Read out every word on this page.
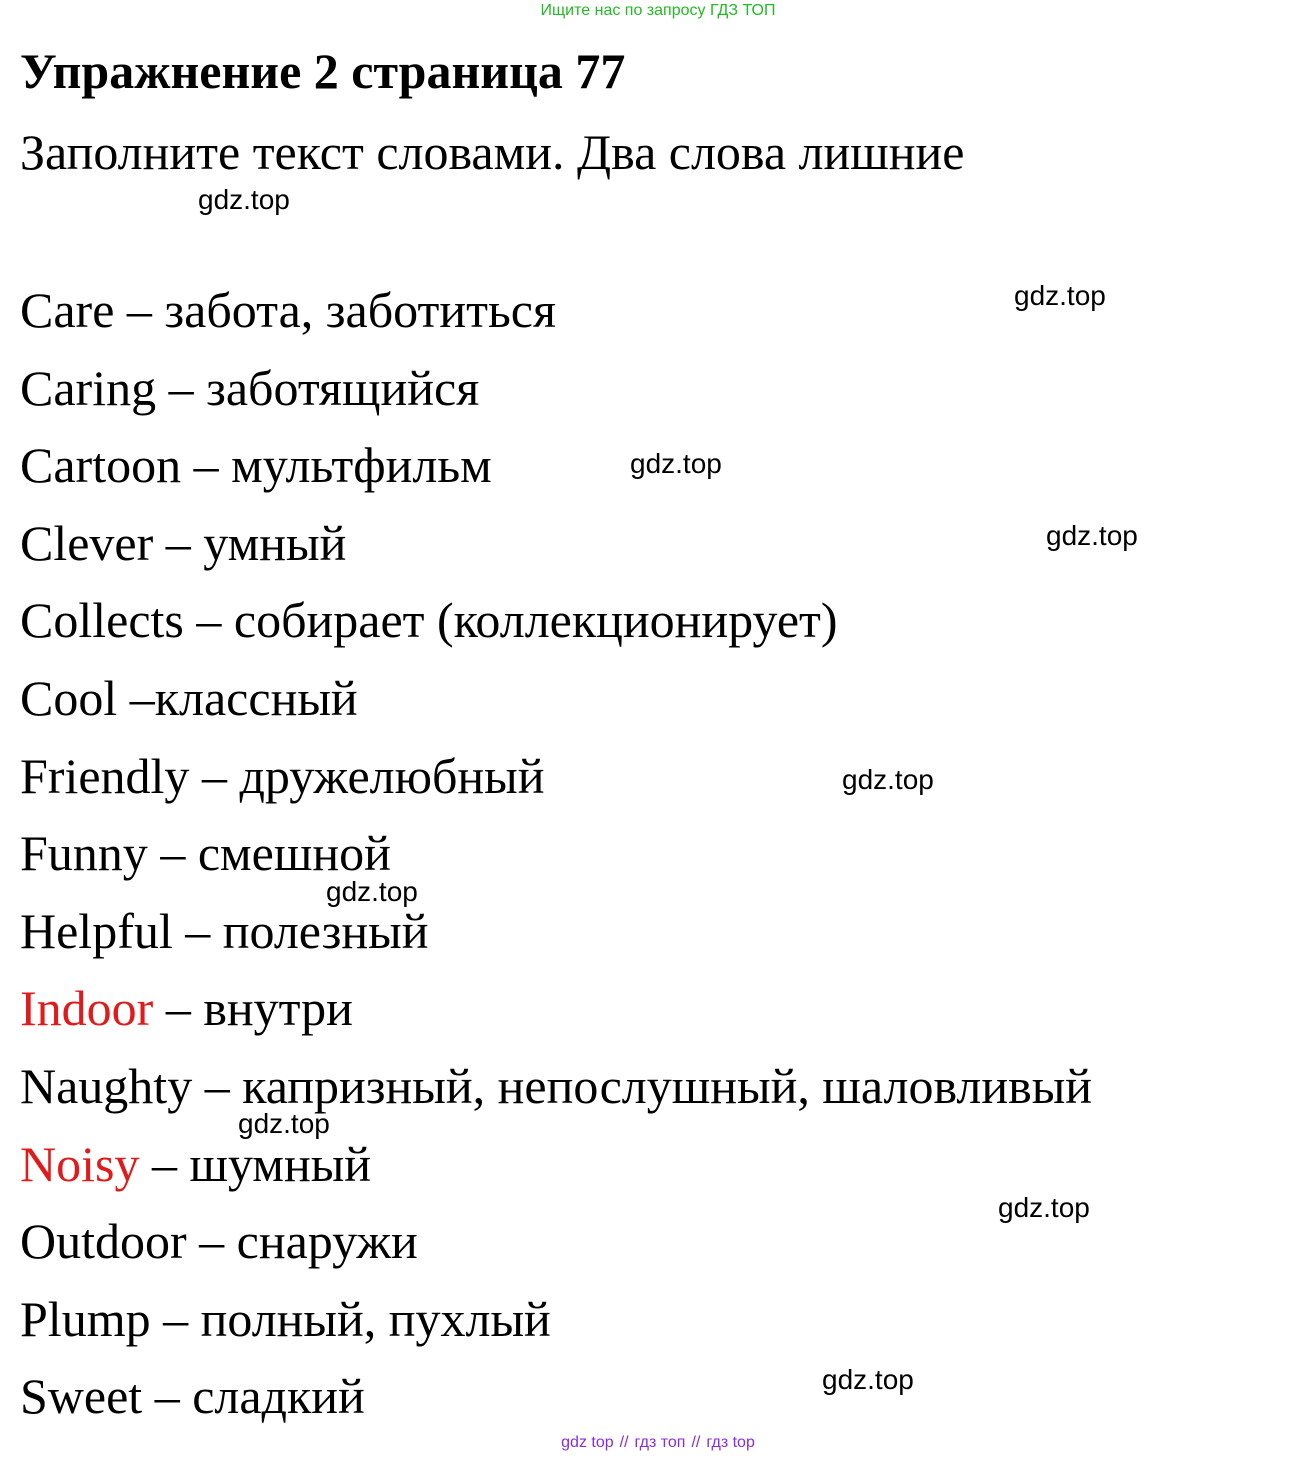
Ищите нас по запросу ГДЗ ТОП
Упражнение 2 страница 77
Заполните текст словами. Два слова лишние
Care – забота, заботиться
Caring – заботящийся
Cartoon – мультфильм
Clever – умный
Collects – собирает (коллекционирует)
Cool –классный
Friendly – дружелюбный
Funny – смешной
Helpful – полезный
Indoor – внутри
Naughty – капризный, непослушный, шаловливый
Noisy – шумный
Outdoor – снаружи
Plump – полный, пухлый
Sweet – сладкий
gdz.top
gdz.top
gdz.top
gdz.top
gdz.top
gdz.top
gdz.top
gdz.top
gdz.top
gdz top // гдз топ // гдз top
